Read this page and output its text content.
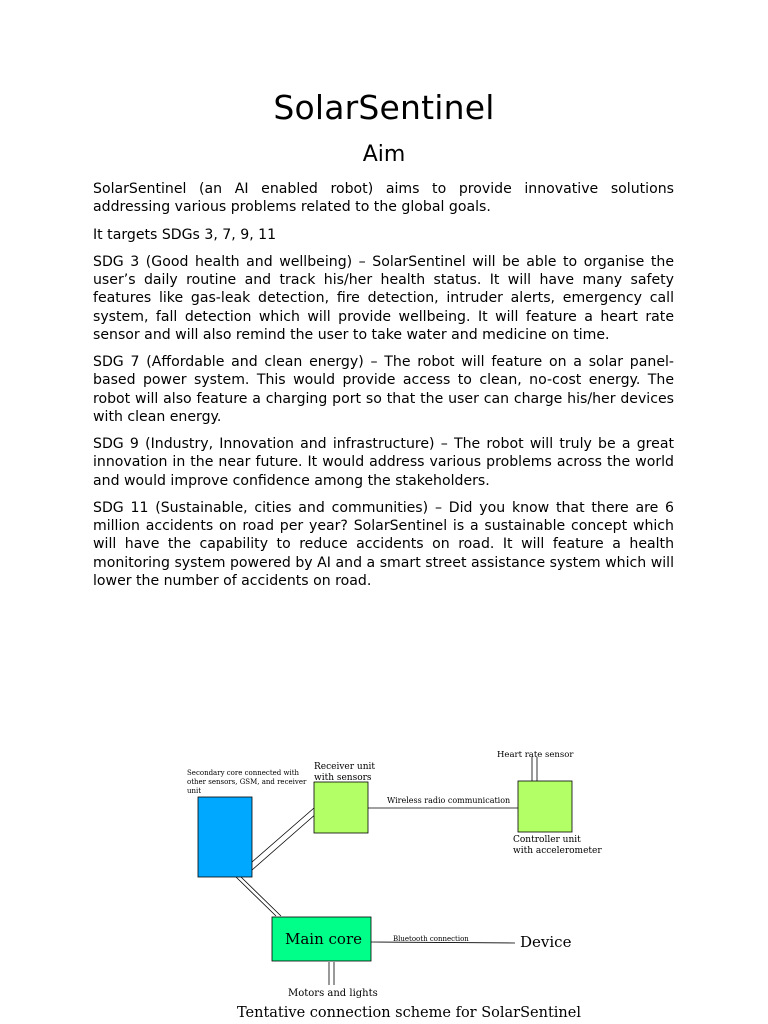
SolarSentinel
Aim

SolarSentinel (an AI enabled robot) aims to provide innovative solutions addressing various problems related to the global goals.

It targets SDGs 3, 7, 9, 11

SDG 3 (Good health and wellbeing) – SolarSentinel will be able to organise the user’s daily routine and track his/her health status. It will have many safety features like gas-leak detection, fire detection, intruder alerts, emergency call system, fall detection which will provide wellbeing. It will feature a heart rate sensor and will also remind the user to take water and medicine on time.

SDG 7 (Affordable and clean energy) – The robot will feature on a solar panel-based power system. This would provide access to clean, no-cost energy. The robot will also feature a charging port so that the user can charge his/her devices with clean energy.

SDG 9 (Industry, Innovation and infrastructure) – The robot will truly be a great innovation in the near future. It would address various problems across the world and would improve confidence among the stakeholders.

SDG 11 (Sustainable, cities and communities) – Did you know that there are 6 million accidents on road per year? SolarSentinel is a sustainable concept which will have the capability to reduce accidents on road. It will feature a health monitoring system powered by AI and a smart street assistance system which will lower the number of accidents on road.

Secondary core connected with other sensors, GSM, and receiver unit
Receiver unit with sensors
Heart rate sensor
Wireless radio communication
Controller unit with accelerometer
Main core	Bluetooth connection	Device
Motors and lights
Tentative connection scheme for SolarSentinel
